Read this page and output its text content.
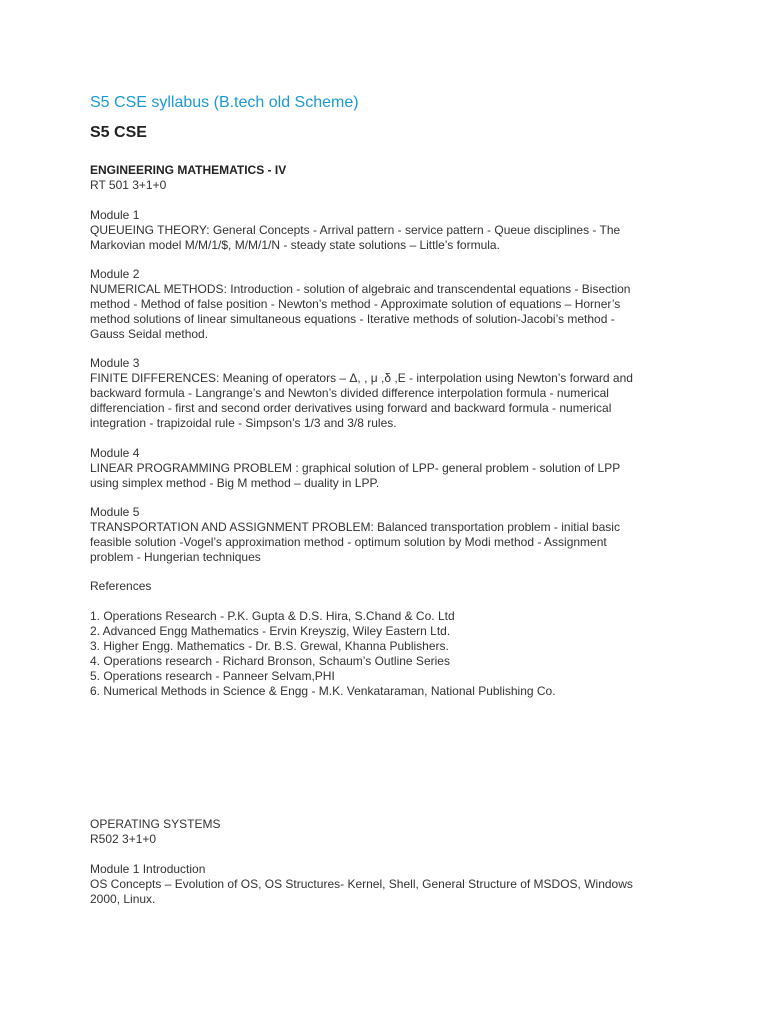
S5 CSE syllabus (B.tech old Scheme)
S5 CSE
ENGINEERING MATHEMATICS - IV
RT 501 3+1+0
Module 1
QUEUEING THEORY: General Concepts - Arrival pattern - service pattern - Queue disciplines - The
Markovian model M/M/1/$, M/M/1/N - steady state solutions – Little’s formula.
Module 2
NUMERICAL METHODS: Introduction - solution of algebraic and transcendental equations - Bisection
method - Method of false position - Newton’s method - Approximate solution of equations – Horner’s
method solutions of linear simultaneous equations - Iterative methods of solution-Jacobi’s method -
Gauss Seidal method.
Module 3
FINITE DIFFERENCES: Meaning of operators – Δ, , μ ,δ ,E - interpolation using Newton’s forward and
backward formula - Langrange’s and Newton’s divided difference interpolation formula - numerical
differenciation - first and second order derivatives using forward and backward formula - numerical
integration - trapizoidal rule - Simpson’s 1/3 and 3/8 rules.
Module 4
LINEAR PROGRAMMING PROBLEM : graphical solution of LPP- general problem - solution of LPP
using simplex method - Big M method – duality in LPP.
Module 5
TRANSPORTATION AND ASSIGNMENT PROBLEM: Balanced transportation problem - initial basic
feasible solution -Vogel’s approximation method - optimum solution by Modi method - Assignment
problem - Hungerian techniques
References
1. Operations Research - P.K. Gupta & D.S. Hira, S.Chand & Co. Ltd
2. Advanced Engg Mathematics - Ervin Kreyszig, Wiley Eastern Ltd.
3. Higher Engg. Mathematics - Dr. B.S. Grewal, Khanna Publishers.
4. Operations research - Richard Bronson, Schaum’s Outline Series
5. Operations research - Panneer Selvam,PHI
6. Numerical Methods in Science & Engg - M.K. Venkataraman, National Publishing Co.
OPERATING SYSTEMS
R502 3+1+0
Module 1 Introduction
OS Concepts – Evolution of OS, OS Structures- Kernel, Shell, General Structure of MSDOS, Windows
2000, Linux.
